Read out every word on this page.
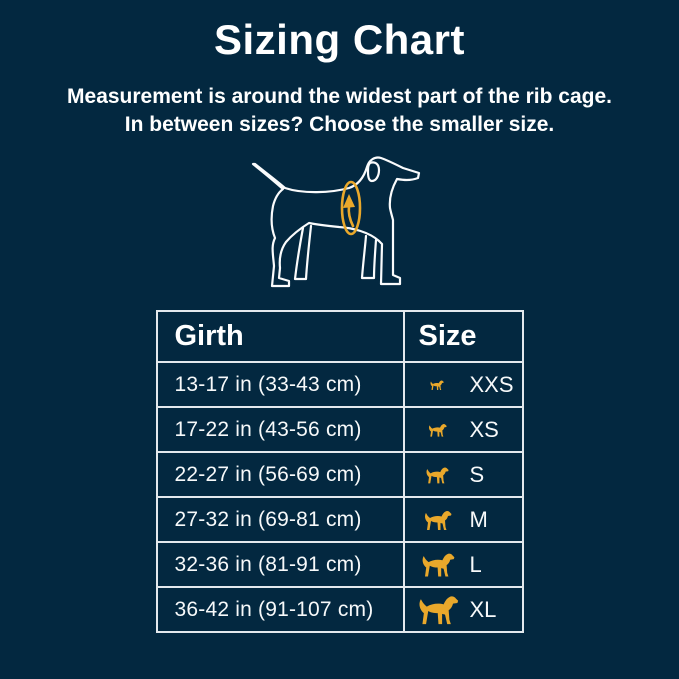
Sizing Chart
Measurement is around the widest part of the rib cage.
In between sizes? Choose the smaller size.
Girth	Size
13-17 in (33-43 cm)	XXS

17-22 in (43-56 cm)	XS

22-27 in (56-69 cm)	S

27-32 in (69-81 cm)	M

32-36 in (81-91 cm)	L

36-42 in (91-107 cm)	XL
